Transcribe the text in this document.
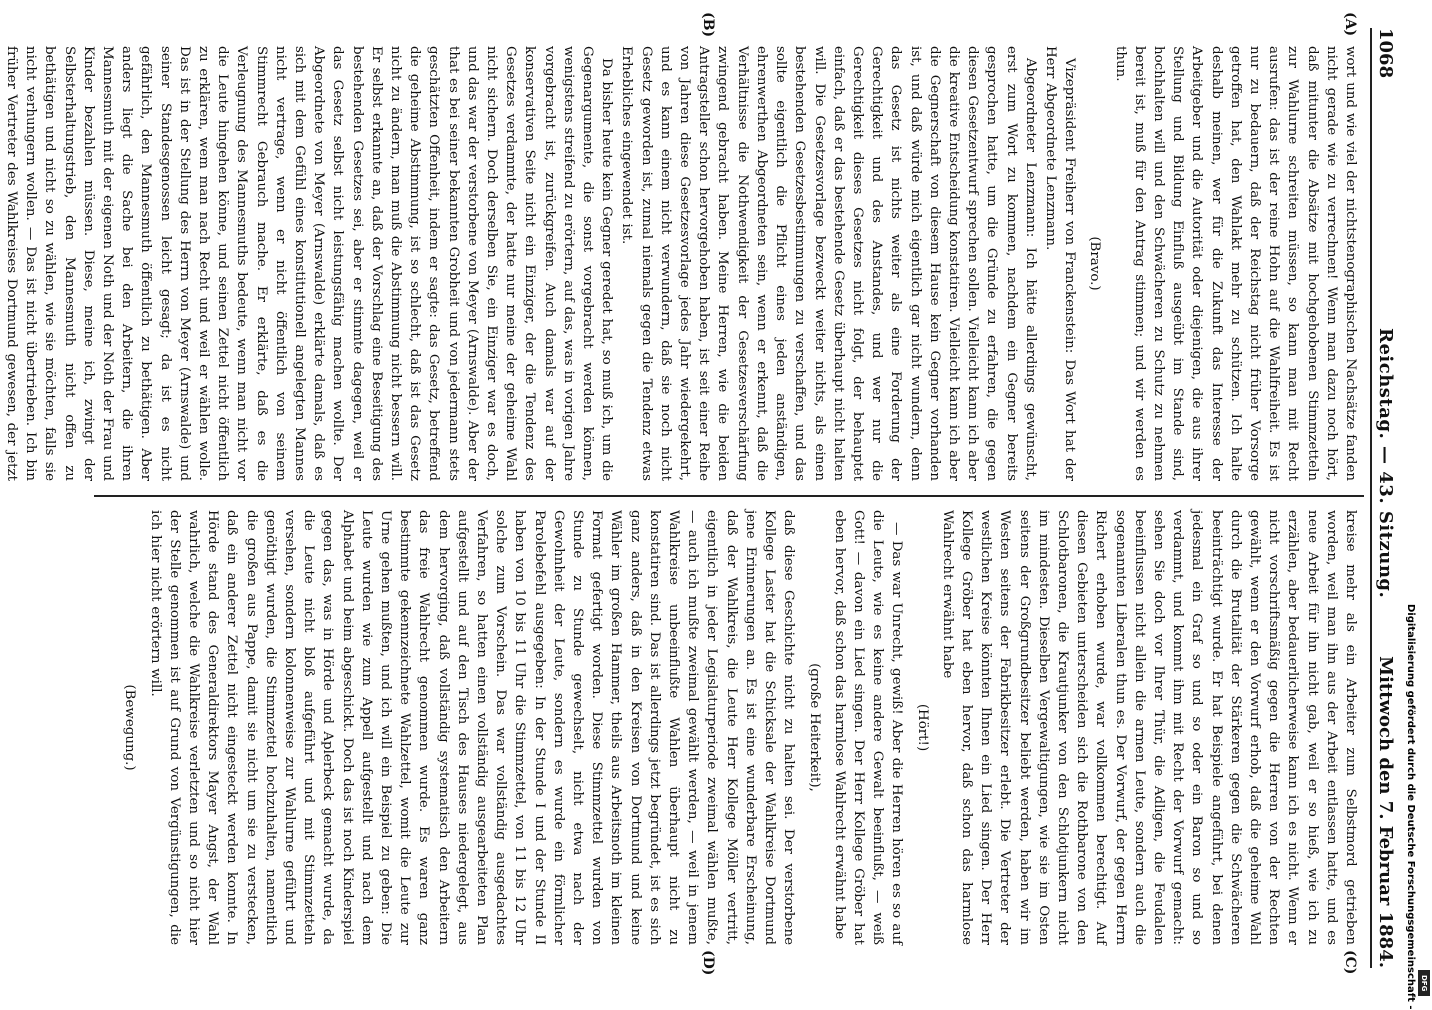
1068
Reichstag. — 43. Sitzung.
Mittwoch den 7. Februar 1884.
(A)
(B)
(C)
(D)

wort und wie viel der nichtstenographischen Nachsätze fanden nicht gerade wie zu verrechnen! Wenn man dazu noch hört, daß mitunter die Absätze mit hochgehobenen Stimmzetteln zur Wahlurne schreiten müssen, so kann man mit Recht ausrufen: das ist der reine Hohn auf die Wahlfreiheit. Es ist nur zu bedauern, daß der Reichstag nicht früher Vorsorge getroffen hat, den Wahlakt mehr zu schützen. Ich halte deshalb meinen, wer für die Zukunft das Interesse der Arbeitgeber und die Autorität oder diejenigen, die aus ihrer Stellung und Bildung Einfluß ausgeübt im Stande sind, hochhalten will und den Schwächeren zu Schutz zu nehmen bereit ist, muß für den Antrag stimmen; und wir werden es thun.

(Bravo.)

Vizepräsident Freiherr von Franckenstein: Das Wort hat der Herr Abgeordnete Lenzmann.

Abgeordneter Lenzmann: Ich hätte allerdings gewünscht, erst zum Wort zu kommen, nachdem ein Gegner bereits gesprochen hatte, um die Gründe zu erfahren, die gegen diesen Gesetzentwurf sprechen sollen. Vielleicht kann ich aber die kreative Entscheidung konstatiren. Vielleicht kann ich aber die Gegnerschaft von diesem Hause kein Gegner vorhanden ist, und daß würde mich eigentlich gar nicht wundern, denn das Gesetz ist nichts weiter als eine Forderung der Gerechtigkeit und des Anstandes, und wer nur die Gerechtigkeit dieses Gesetzes nicht folgt, der behauptet einfach, daß er das bestehende Gesetz überhaupt nicht halten will. Die Gesetzesvorlage bezweckt weiter nichts, als einen bestehenden Gesetzesbestimmungen zu verschaffen, und das sollte eigentlich die Pflicht eines jeden anständigen, ehrenwerthen Abgeordneten sein, wenn er erkennt, daß die Verhältnisse die Nothwendigkeit der Gesetzesverschärfung zwingend gebracht haben. Meine Herren, wie die beiden Antragsteller schon hervorgehoben haben, ist seit einer Reihe von Jahren diese Gesetzesvorlage jedes Jahr wiedergekehrt, und es kann einem nicht verwundern, daß sie noch nicht Gesetz geworden ist, zumal niemals gegen die Tendenz etwas Erhebliches eingewendet ist.

Da bisher heute kein Gegner geredet hat, so muß ich, um die Gegenargumente, die sonst vorgebracht werden können, wenigstens streifend zu erörtern, auf das, was in vorigen Jahre vorgebracht ist, zurückgreifen. Auch damals war auf der konservativen Seite nicht ein Einziger, der die Tendenz des Gesetzes verdammte, der hatte nur meine der geheime Wahl nicht sichern. Doch derselben Sie, ein Einziger war es doch, und das war der verstorbene von Meyer (Arnswalde). Aber der that es bei seiner bekannten Grobheit und von jedermann stets geschätzten Offenheit, indem er sagte: das Gesetz, betreffend die geheime Abstimmung, ist so schlecht, daß ist das Gesetz nicht zu ändern, man muß die Abstimmung nicht bessern will. Er selbst erkannte an, daß der Vorschlag eine Beseitigung des bestehenden Gesetzes sei, aber er stimmte dagegen, weil er das Gesetz selbst nicht leistungsfähig machen wollte. Der Abgeordnete von Meyer (Arnswalde) erklärte damals, daß es sich mit dem Gefühl eines konstitutionell angelegten Mannes nicht vertrage, wenn er nicht öffentlich von seinem Stimmrecht Gebrauch mache. Er erklärte, daß es die Verleugnung des Mannesmuths bedeute, wenn man nicht vor die Leute hingehen könne, und seinen Zettel nicht öffentlich zu erklären, wem man nach Recht und weil er wählen wolle. Das ist in der Stellung des Herrn von Meyer (Arnswalde) und seiner Standesgenossen leicht gesagt; da ist es nicht gefährlich, den Mannesmuth öffentlich zu bethätigen. Aber anders liegt die Sache bei den Arbeitern, die ihren Mannesmuth mit der eigenen Noth und der Noth der Frau und Kinder bezahlen müssen. Diese, meine ich, zwingt der Selbsterhaltungstrieb, den Mannesmuth nicht offen zu bethätigen und nicht so zu wählen, wie sie möchten, falls sie nicht verhungern wollen. — Das ist nicht übertrieben. Ich bin früher Vertreter des Wahlkreises Dortmund gewesen, der jetzt

kreise mehr als ein Arbeiter zum Selbstmord getrieben worden, weil man ihn aus der Arbeit entlassen hatte, und es neue Arbeit für ihn nicht gab, weil er so hieß, wie ich zu erzählen, aber bedauerlicherweise kann ich es nicht. Wenn er nicht vorschriftsmäßig gegen die Herren von der Rechten gewählt, wenn er den Vorwurf erhob, daß die geheime Wahl durch die Brutalität der Stärkeren gegen die Schwächeren beeinträchtigt wurde. Er hat Beispiele angeführt, bei denen jedesmal ein Graf so und so oder ein Baron so und so verdammt, und kommt ihm mit Recht der Vorwurf gemacht: sehen Sie doch vor Ihrer Thür, die Adligen, die Feudalen beeinflussen nicht allein die armen Leute, sondern auch die sogenannten Liberalen thun es. Der Vorwurf, der gegen Herrn Richert erhoben wurde, war vollkommen berechtigt. Auf diesen Gebieten unterscheiden sich die Rothbarone von den Schlotbaronen, die Krautjunker von den Schlotjunkern nicht im mindesten. Dieselben Vergewaltigungen, wie sie im Osten seitens der Großgrundbesitzer beliebt werden, haben wir im Westen seitens der Fabrikbesitzer erlebt. Die Vertreter der westlichen Kreise könnten Ihnen ein Lied singen. Der Herr Kollege Gröber hat eben hervor, daß schon das harmlose Wahlrecht erwähnt habe

(Hört!)

— Das war Unrecht, gewiß! Aber die Herren hören es so auf die Leute, wie es keine andere Gewalt beeinflußt, — weiß Gott! — davon ein Lied singen. Der Herr Kollege Gröber hat eben hervor, daß schon das harmlose Wahlrecht erwähnt habe

(große Heiterkeit),

daß diese Geschichte nicht zu halten sei. Der verstorbene Kollege Laster hat die Schicksale der Wahlkreise Dortmund jene Erinnerungen an. Es ist eine wunderbare Erscheinung, daß der Wahlkreis, die Leute Herr Kollege Möller vertritt, eigentlich in jeder Legislaturperiode zweimal wählen mußte, — auch ich mußte zweimal gewählt werden, — weil in jenem Wahlkreise unbeeinflußte Wahlen überhaupt nicht zu konstatiren sind. Das ist allerdings jetzt begründet, ist es sich ganz anders, daß in den Kreisen von Dortmund und keine Wähler im großen Hammer, theils aus Arbeitsnoth im kleinen Format gefertigt worden. Diese Stimmzettel wurden von Stunde zu Stunde gewechselt, nicht etwa nach der Gewohnheit der Leute, sondern es wurde ein förmlicher Parolebefehl ausgegeben: In der Stunde I und der Stunde II haben von 10 bis 11 Uhr die Stimmzettel, von 11 bis 12 Uhr solche zum Vorschein. Das war vollständig ausgedachtes Verfahren, so hatten einen vollständig ausgearbeiteten Plan aufgestellt und auf den Tisch des Hauses niedergelegt, aus dem hervorging, daß vollständig systematisch den Arbeitern das freie Wahlrecht genommen wurde. Es waren ganz bestimmte gekennzeichnete Wahlzettel, womit die Leute zur Urne gehen mußten, und ich will ein Beispiel zu geben: Die Leute wurden wie zum Appell aufgestellt und nach dem Alphabet und beim abgeschickt. Doch das ist noch Kinderspiel gegen das, was in Hörde und Aplerbeck gemacht wurde, da die Leute nicht bloß aufgeführt und mit Stimmzetteln versehen, sondern kolonnenweise zur Wahlurne geführt und genöthigt wurden, die Stimmzettel hochzuhalten, namentlich die großen aus Pappe, damit sie nicht um sie zu verstecken, daß ein anderer Zettel nicht eingesteckt werden konnte. In Hörde stand des Generaldirektors Mayer Angst, der Wahl wahrlich, welche die Wahlkreise verletzten und so nicht hier der Stelle genommen ist auf Grund von Vergünstigungen, die ich hier nicht erörtern will.

(Bewegung.)	Digitalisierung gefördert durch die Deutsche Forschungsgemeinschaft - DFG
